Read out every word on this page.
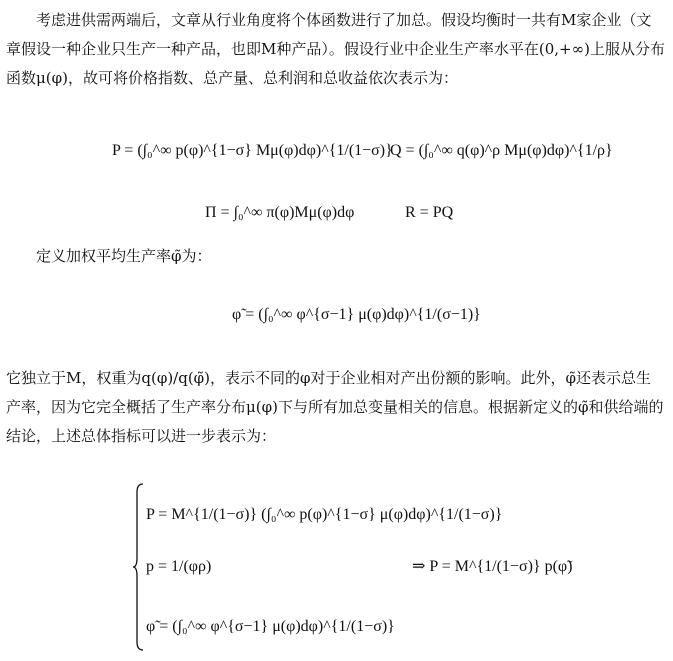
考虑进供需两端后，文章从行业角度将个体函数进行了加总。假设均衡时一共有M家企业（文章假设一种企业只生产一种产品，也即M种产品）。假设行业中企业生产率水平在(0,+∞)上服从分布函数μ(φ)，故可将价格指数、总产量、总利润和总收益依次表示为：

P = (∫₀^∞ p(φ)^{1−σ} Mμ(φ)dφ)^{1/(1−σ)}
Q = (∫₀^∞ q(φ)^ρ Mμ(φ)dφ)^{1/ρ}
Π = ∫₀^∞ π(φ)Mμ(φ)dφ	R = PQ

定义加权平均生产率φ̃为：

φ̃ = (∫₀^∞ φ^{σ−1} μ(φ)dφ)^{1/(σ−1)}

它独立于M，权重为q(φ)/q(φ̃)，表示不同的φ对于企业相对产出份额的影响。此外，φ̃还表示总生产率，因为它完全概括了生产率分布μ(φ)下与所有加总变量相关的信息。根据新定义的φ̃和供给端的结论，上述总体指标可以进一步表示为：

P = M^{1/(1−σ)} (∫₀^∞ p(φ)^{1−σ} μ(φ)dφ)^{1/(1−σ)}
p = 1/(φρ)
φ̃ = (∫₀^∞ φ^{σ−1} μ(φ)dφ)^{1/(1−σ)}
⇒ P = M^{1/(1−σ)} p(φ̃)
